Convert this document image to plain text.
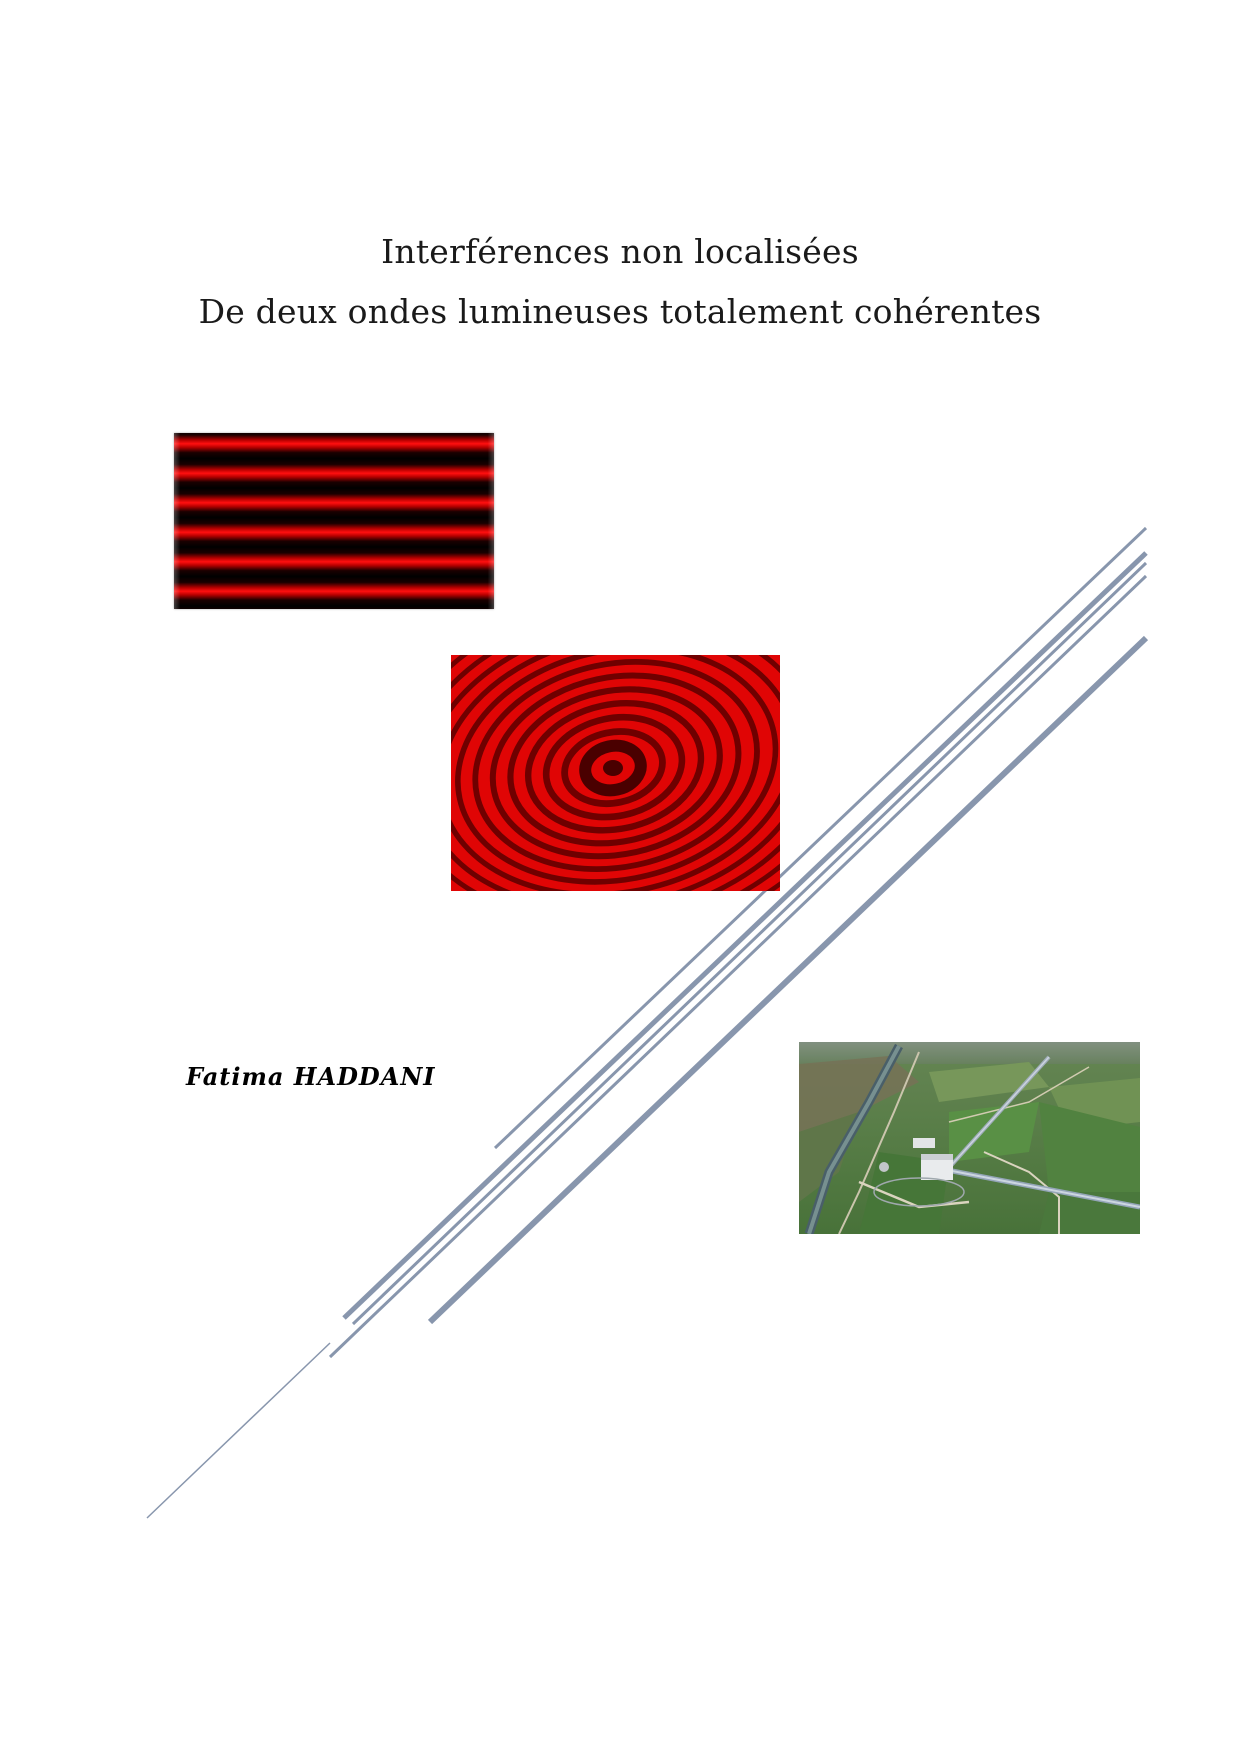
Interférences non localisées
De deux ondes lumineuses totalement cohérentes
Fatima HADDANI
